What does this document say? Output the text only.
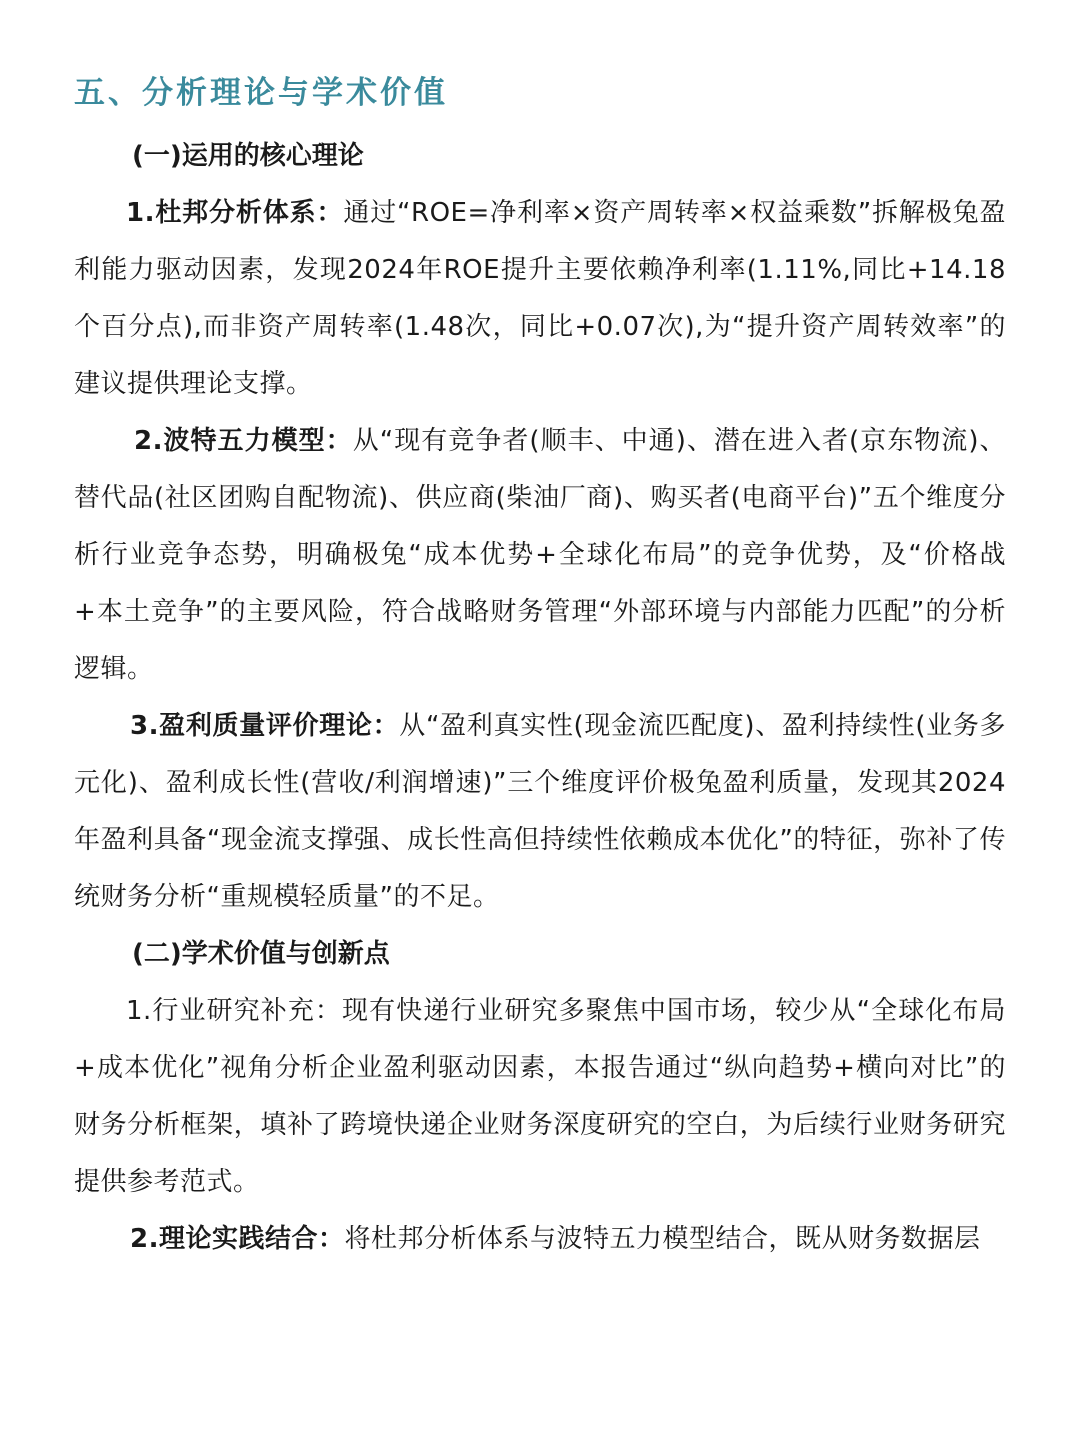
五、分析理论与学术价值
(一)运用的核心理论

1.杜邦分析体系：通过“ROE=净利率×资产周转率×权益乘数”拆解极兔盈利能力驱动因素，发现2024年ROE提升主要依赖净利率(1.11%,同比+14.18个百分点),而非资产周转率(1.48次，同比+0.07次),为“提升资产周转效率”的建议提供理论支撑。

2.波特五力模型：从“现有竞争者(顺丰、中通)、潜在进入者(京东物流)、替代品(社区团购自配物流)、供应商(柴油厂商)、购买者(电商平台)”五个维度分析行业竞争态势，明确极兔“成本优势+全球化布局”的竞争优势，及“价格战+本土竞争”的主要风险，符合战略财务管理“外部环境与内部能力匹配”的分析逻辑。

3.盈利质量评价理论：从“盈利真实性(现金流匹配度)、盈利持续性(业务多元化)、盈利成长性(营收/利润增速)”三个维度评价极兔盈利质量，发现其2024年盈利具备“现金流支撑强、成长性高但持续性依赖成本优化”的特征，弥补了传统财务分析“重规模轻质量”的不足。

(二)学术价值与创新点

1.行业研究补充：现有快递行业研究多聚焦中国市场，较少从“全球化布局+成本优化”视角分析企业盈利驱动因素，本报告通过“纵向趋势+横向对比”的财务分析框架，填补了跨境快递企业财务深度研究的空白，为后续行业财务研究提供参考范式。

2.理论实践结合：将杜邦分析体系与波特五力模型结合，既从财务数据层
